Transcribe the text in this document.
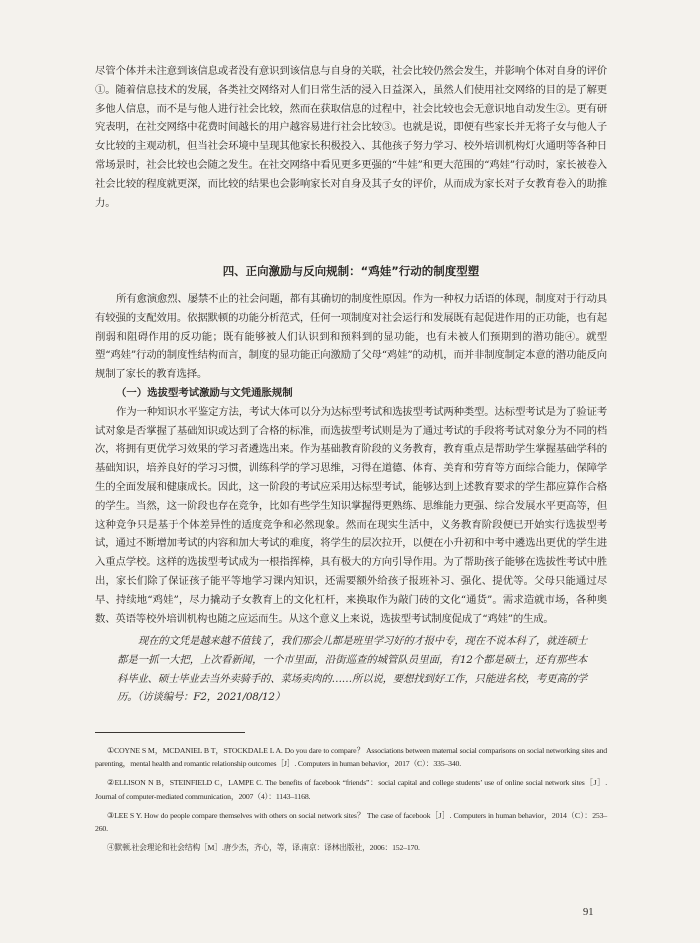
尽管个体并未注意到该信息或者没有意识到该信息与自身的关联，社会比较仍然会发生，并影响个体对自身的评价①。随着信息技术的发展，各类社交网络对人们日常生活的浸入日益深入，虽然人们使用社交网络的目的是了解更多他人信息，而不是与他人进行社会比较，然而在获取信息的过程中，社会比较也会无意识地自动发生②。更有研究表明，在社交网络中花费时间越长的用户越容易进行社会比较③。也就是说，即便有些家长并无将子女与他人子女比较的主观动机，但当社会环境中呈现其他家长积极投入、其他孩子努力学习、校外培训机构灯火通明等各种日常场景时，社会比较也会随之发生。在社交网络中看见更多更强的“牛娃”和更大范围的“鸡娃”行动时，家长被卷入社会比较的程度就更深，而比较的结果也会影响家长对自身及其子女的评价，从而成为家长对子女教育卷入的助推力。

四、正向激励与反向规制：“鸡娃”行动的制度型塑

所有愈演愈烈、屡禁不止的社会问题，都有其确切的制度性原因。作为一种权力话语的体现，制度对于行动具有较强的支配效用。依据默顿的功能分析范式，任何一项制度对社会运行和发展既有起促进作用的正功能，也有起削弱和阻碍作用的反功能；既有能够被人们认识到和预料到的显功能，也有未被人们预期到的潜功能④。就型塑“鸡娃”行动的制度性结构而言，制度的显功能正向激励了父母“鸡娃”的动机，而并非制度制定本意的潜功能反向规制了家长的教育选择。

（一）选拔型考试激励与文凭通胀规制

作为一种知识水平鉴定方法，考试大体可以分为达标型考试和选拔型考试两种类型。达标型考试是为了验证考试对象是否掌握了基础知识或达到了合格的标准，而选拔型考试则是为了通过考试的手段将考试对象分为不同的档次，将拥有更优学习效果的学习者遴选出来。作为基础教育阶段的义务教育，教育重点是帮助学生掌握基础学科的基础知识，培养良好的学习习惯，训练科学的学习思维，习得在道德、体育、美育和劳育等方面综合能力，保障学生的全面发展和健康成长。因此，这一阶段的考试应采用达标型考试，能够达到上述教育要求的学生都应算作合格的学生。当然，这一阶段也存在竞争，比如有些学生知识掌握得更熟练、思维能力更强、综合发展水平更高等，但这种竞争只是基于个体差异性的适度竞争和必然现象。然而在现实生活中，义务教育阶段便已开始实行选拔型考试，通过不断增加考试的内容和加大考试的难度，将学生的层次拉开，以便在小升初和中考中遴选出更优的学生进入重点学校。这样的选拔型考试成为一根指挥棒，具有极大的方向引导作用。为了帮助孩子能够在选拔性考试中胜出，家长们除了保证孩子能平等地学习课内知识，还需要额外给孩子报班补习、强化、提优等。父母只能通过尽早、持续地“鸡娃”，尽力撬动子女教育上的文化杠杆，来换取作为敲门砖的文化“通货”。需求造就市场，各种奥数、英语等校外培训机构也随之应运而生。从这个意义上来说，选拔型考试制度促成了“鸡娃”的生成。

现在的文凭是越来越不值钱了，我们那会儿都是班里学习好的才报中专，现在不说本科了，就连硕士都是一抓一大把，上次看新闻，一个市里面，沿街巡查的城管队员里面，有12个都是硕士，还有那些本科毕业、硕士毕业去当外卖骑手的、菜场卖肉的……所以说，要想找到好工作，只能进名校，考更高的学历。（访谈编号：F2，2021/08/12）

①COYNE S M，MCDANIEL B T，STOCKDALE L A. Do you dare to compare？ Associations between maternal social comparisons on social networking sites and parenting，mental health and romantic relationship outcomes［J］. Computers in human behavior，2017（C）：335–340.

②ELLISON N B，STEINFIELD C，LAMPE C. The benefits of facebook “friends”：social capital and college students’ use of online social network sites［J］. Journal of computer-mediated communication，2007（4）：1143–1168.

③LEE S Y. How do people compare themselves with others on social network sites？ The case of facebook［J］. Computers in human behavior，2014（C）：253–260.

④默顿.社会理论和社会结构［M］.唐少杰，齐心，等，译.南京：译林出版社，2006：152–170.

91
